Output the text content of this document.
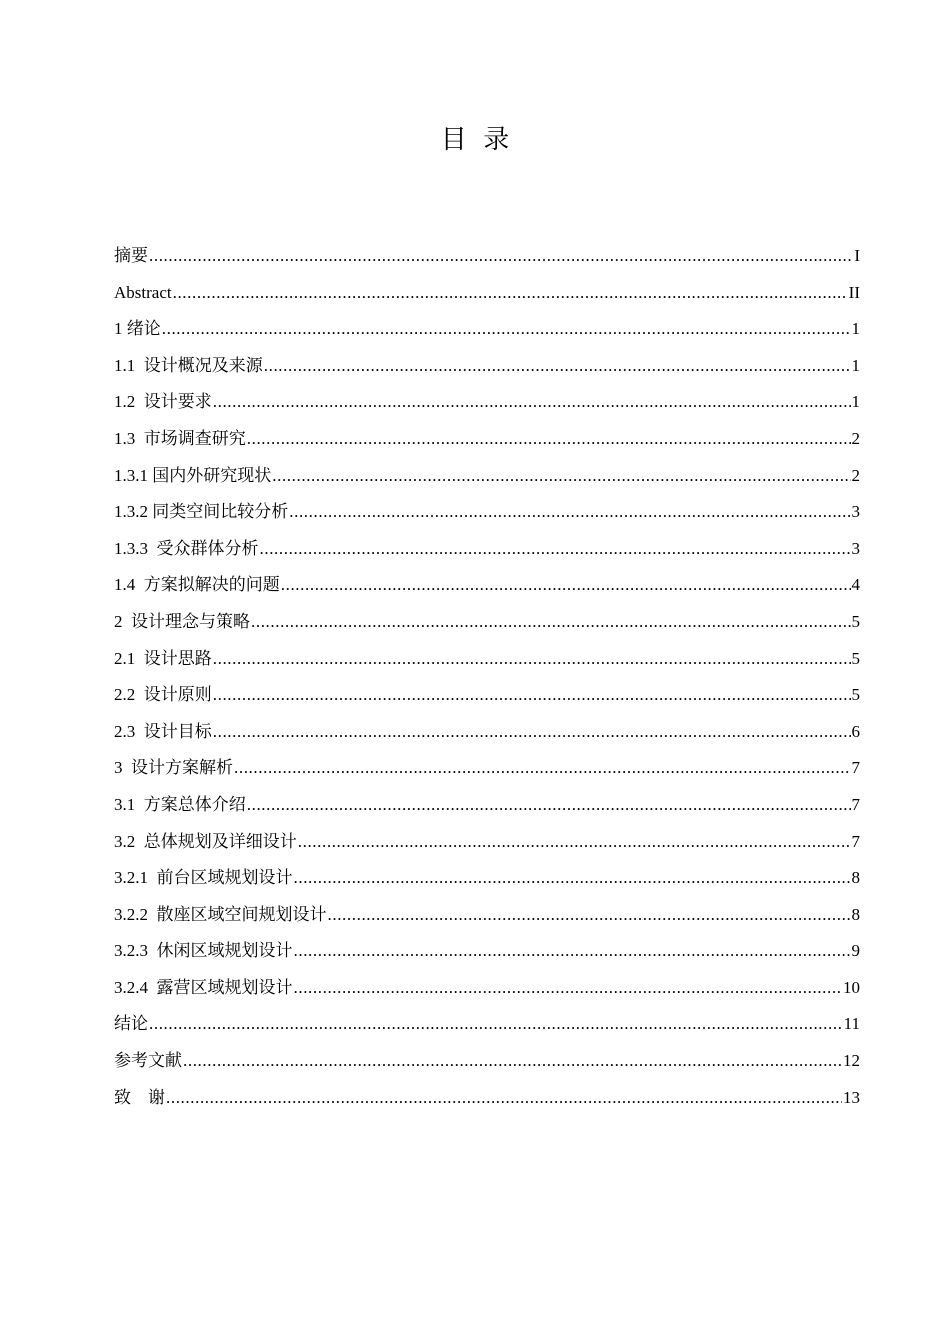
目  录
摘要 .....	I
Abstract .....	II
1 绪论 .....	1
1.1  设计概况及来源 .....	1
1.2  设计要求 .....	1
1.3  市场调查研究 .....	2
1.3.1 国内外研究现状 .....	2
1.3.2 同类空间比较分析 .....	3
1.3.3  受众群体分析 .....	3
1.4  方案拟解决的问题 .....	4
2  设计理念与策略 .....	5
2.1  设计思路 .....	5
2.2  设计原则 .....	5
2.3  设计目标 .....	6
3  设计方案解析 .....	7
3.1  方案总体介绍 .....	7
3.2  总体规划及详细设计 .....	7
3.2.1  前台区域规划设计 .....	8
3.2.2  散座区域空间规划设计 .....	8
3.2.3  休闲区域规划设计 .....	9
3.2.4  露营区域规划设计 .....	10
结论 .....	11
参考文献 .....	12
致    谢 .....	13
